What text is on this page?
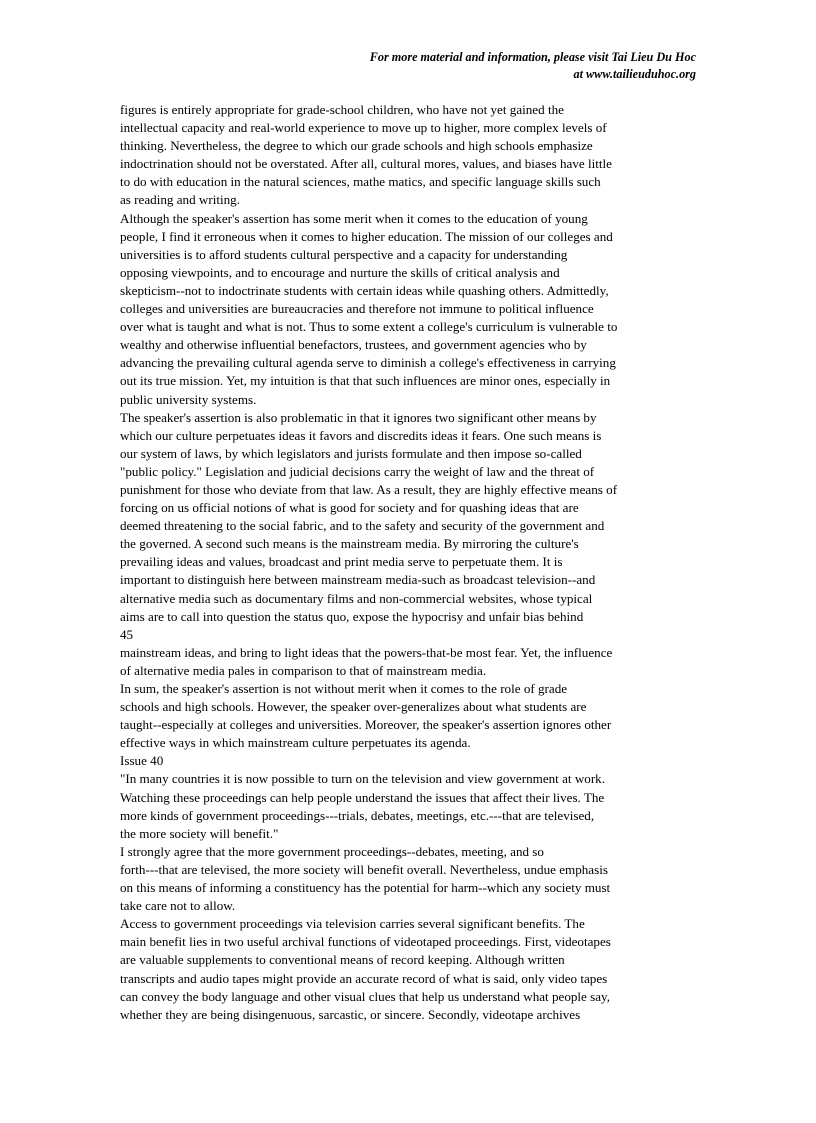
For more material and information, please visit Tai Lieu Du Hoc
at www.tailieuduhoc.org
figures is entirely appropriate for grade-school children, who have not yet gained the
intellectual capacity and real-world experience to move up to higher, more complex levels of
thinking. Nevertheless, the degree to which our grade schools and high schools emphasize
indoctrination should not be overstated. After all, cultural mores, values, and biases have little
to do with education in the natural sciences, mathe matics, and specific language skills such
as reading and writing.
Although the speaker's assertion has some merit when it comes to the education of young
people, I find it erroneous when it comes to higher education. The mission of our colleges and
universities is to afford students cultural perspective and a capacity for understanding
opposing viewpoints, and to encourage and nurture the skills of critical analysis and
skepticism--not to indoctrinate students with certain ideas while quashing others. Admittedly,
colleges and universities are bureaucracies and therefore not immune to political influence
over what is taught and what is not. Thus to some extent a college's curriculum is vulnerable to
wealthy and otherwise influential benefactors, trustees, and government agencies who by
advancing the prevailing cultural agenda serve to diminish a college's effectiveness in carrying
out its true mission. Yet, my intuition is that that such influences are minor ones, especially in
public university systems.
The speaker's assertion is also problematic in that it ignores two significant other means by
which our culture perpetuates ideas it favors and discredits ideas it fears. One such means is
our system of laws, by which legislators and jurists formulate and then impose so-called
"public policy." Legislation and judicial decisions carry the weight of law and the threat of
punishment for those who deviate from that law. As a result, they are highly effective means of
forcing on us official notions of what is good for society and for quashing ideas that are
deemed threatening to the social fabric, and to the safety and security of the government and
the governed. A second such means is the mainstream media. By mirroring the culture's
prevailing ideas and values, broadcast and print media serve to perpetuate them. It is
important to distinguish here between mainstream media-such as broadcast television--and
alternative media such as documentary films and non-commercial websites, whose typical
aims are to call into question the status quo, expose the hypocrisy and unfair bias behind
45
mainstream ideas, and bring to light ideas that the powers-that-be most fear. Yet, the influence
of alternative media pales in comparison to that of mainstream media.
In sum, the speaker's assertion is not without merit when it comes to the role of grade
schools and high schools. However, the speaker over-generalizes about what students are
taught--especially at colleges and universities. Moreover, the speaker's assertion ignores other
effective ways in which mainstream culture perpetuates its agenda.
Issue 40
"In many countries it is now possible to turn on the television and view government at work.
Watching these proceedings can help people understand the issues that affect their lives. The
more kinds of government proceedings---trials, debates, meetings, etc.---that are televised,
the more society will benefit."
I strongly agree that the more government proceedings--debates, meeting, and so
forth---that are televised, the more society will benefit overall. Nevertheless, undue emphasis
on this means of informing a constituency has the potential for harm--which any society must
take care not to allow.
Access to government proceedings via television carries several significant benefits. The
main benefit lies in two useful archival functions of videotaped proceedings. First, videotapes
are valuable supplements to conventional means of record keeping. Although written
transcripts and audio tapes might provide an accurate record of what is said, only video tapes
can convey the body language and other visual clues that help us understand what people say,
whether they are being disingenuous, sarcastic, or sincere. Secondly, videotape archives
